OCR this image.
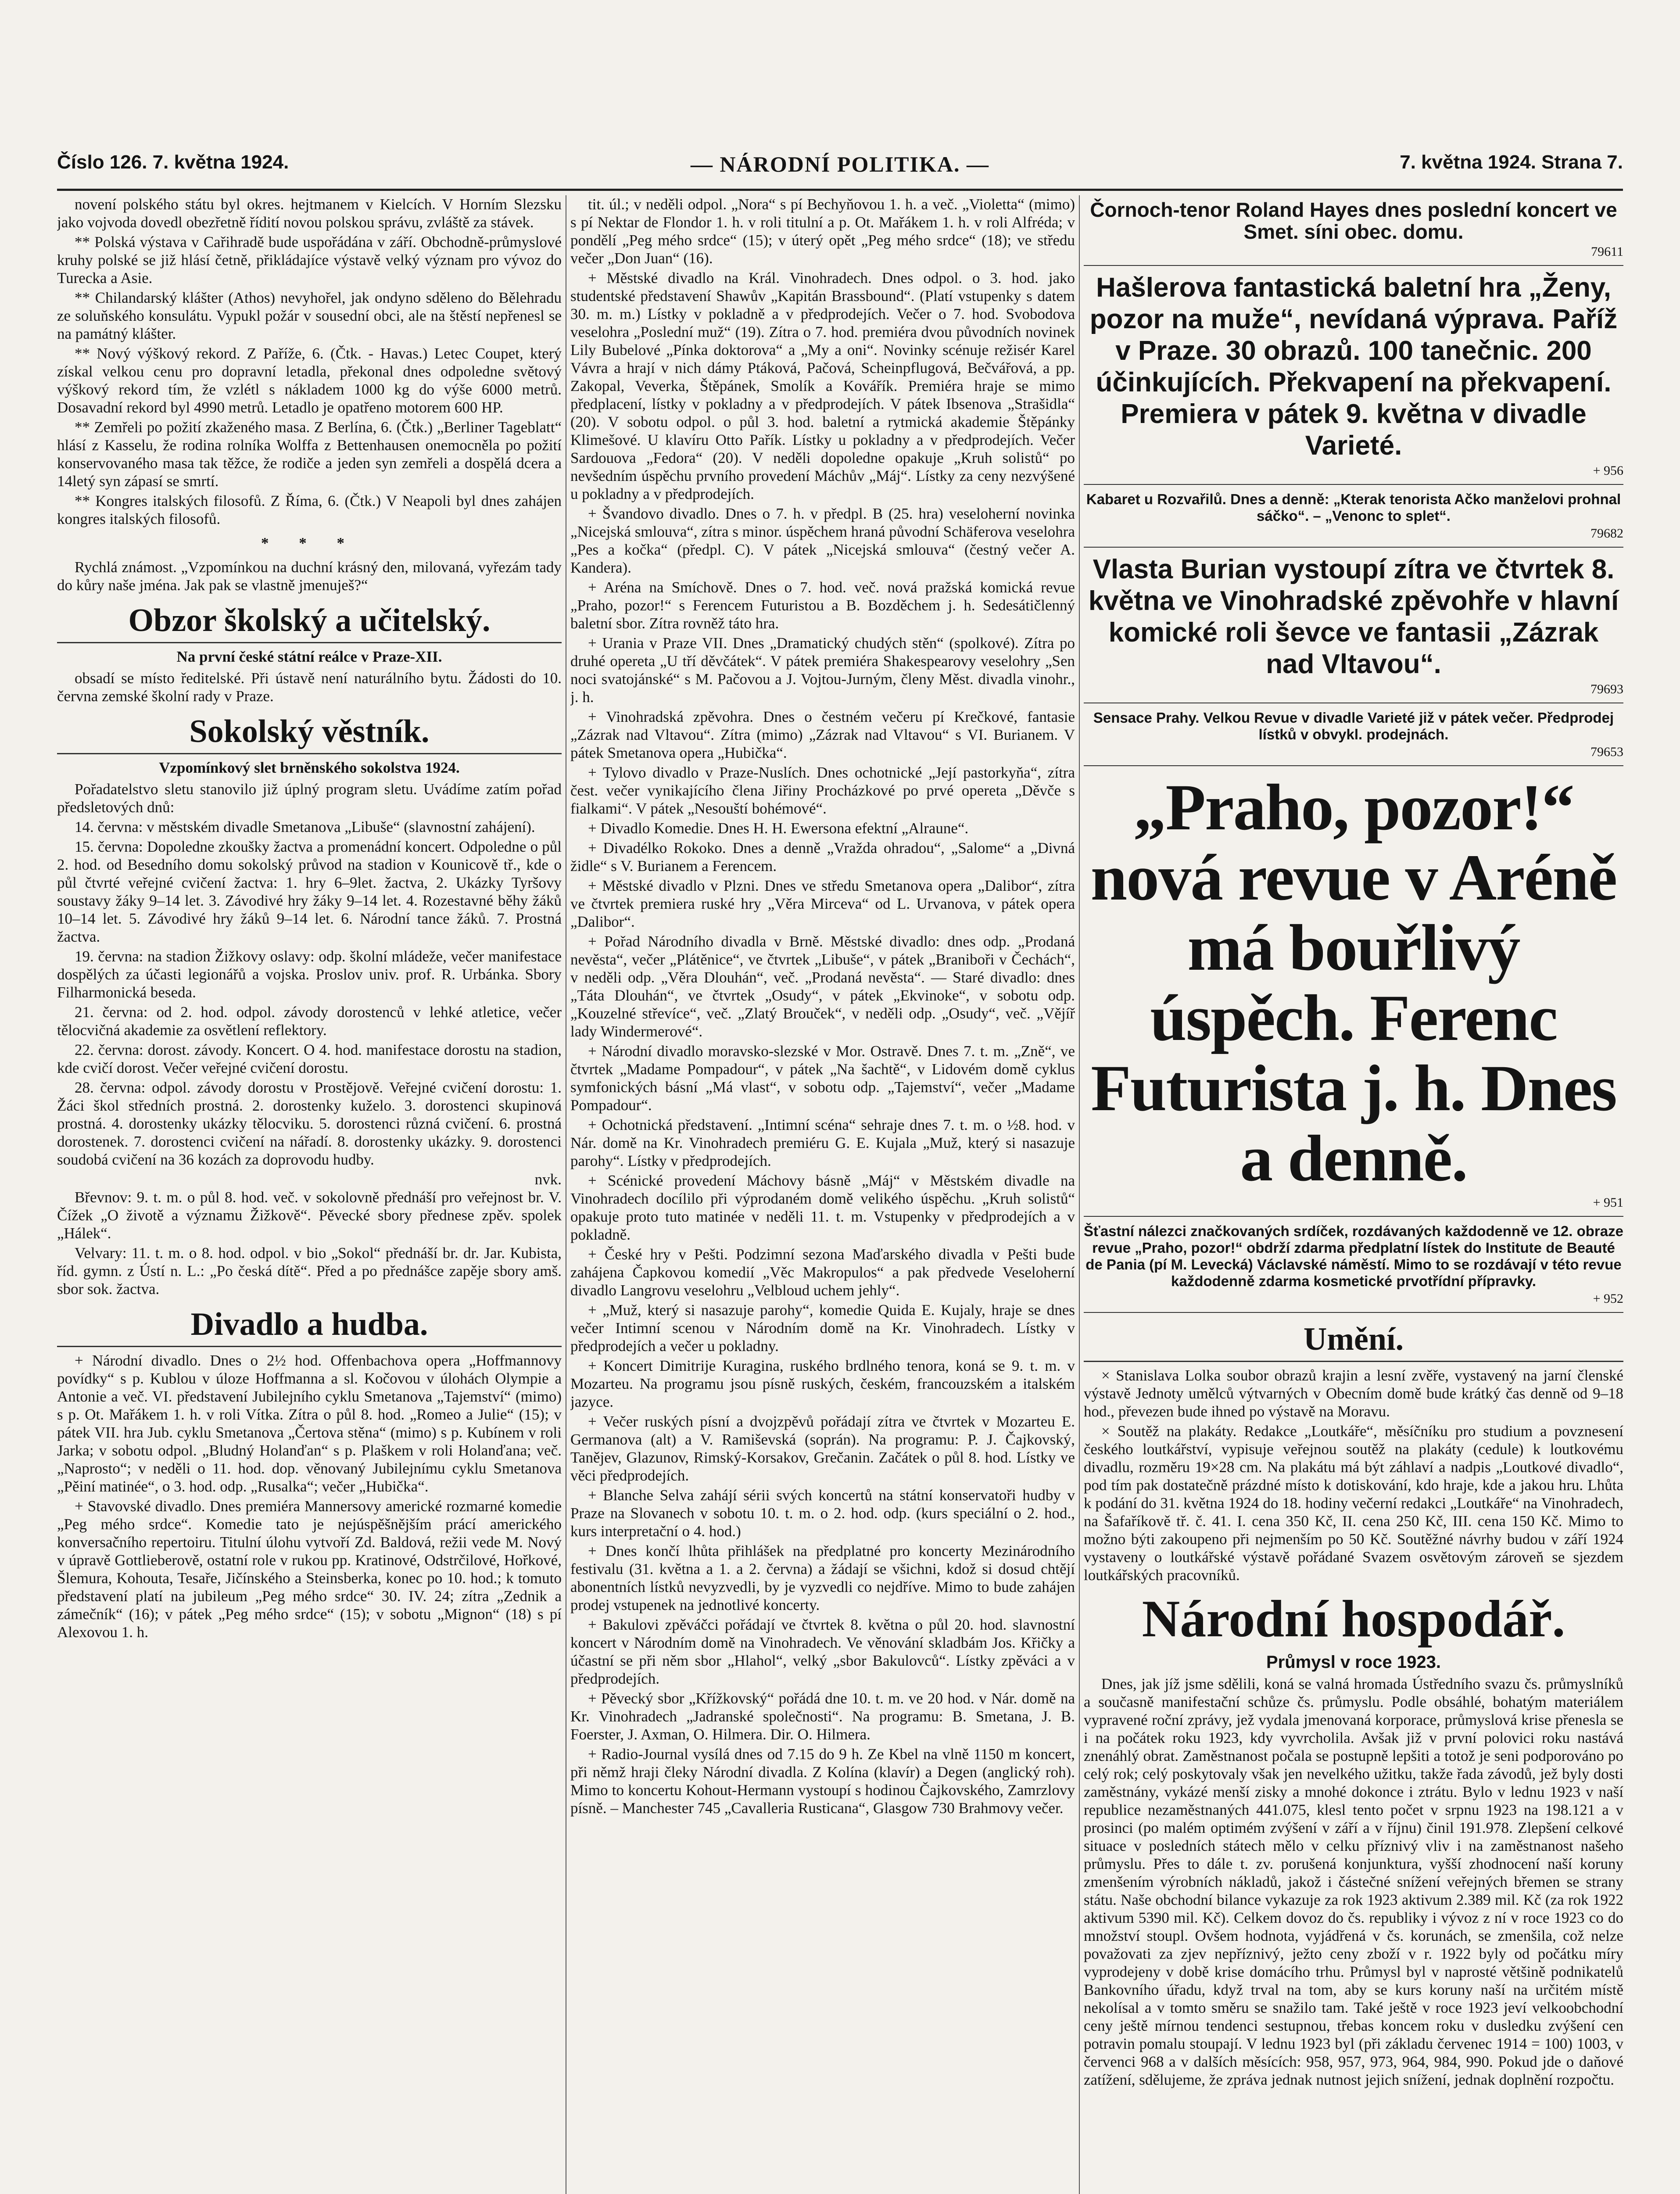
Číslo 126. 7. května 1924.	— NÁRODNÍ POLITIKA. —	7. května 1924. Strana 7.

novení polského státu byl okres. hejtmanem v Kielcích. V Horním Slezsku jako vojvoda dovedl obezřetně řídití novou polskou správu, zvláště za stávek.

** Polská výstava v Cařihradě bude uspořádána v září. Obchodně-průmyslové kruhy polské se již hlásí četně, přikládajíce výstavě velký význam pro vývoz do Turecka a Asie.

** Chilandarský klášter (Athos) nevyhořel, jak ondyno sděleno do Bělehradu ze soluňského konsulátu. Vypukl požár v sousední obci, ale na štěstí nepřenesl se na památný klášter.

** Nový výškový rekord. Z Paříže, 6. (Čtk. - Havas.) Letec Coupet, který získal velkou cenu pro dopravní letadla, překonal dnes odpoledne světový výškový rekord tím, že vzlétl s nákladem 1000 kg do výše 6000 metrů. Dosavadní rekord byl 4990 metrů. Letadlo je opatřeno motorem 600 HP.

** Zemřeli po požití zkaženého masa. Z Berlína, 6. (Čtk.) „Berliner Tageblatt“ hlásí z Kasselu, že rodina rolníka Wolffa z Bettenhausen onemocněla po požití konservovaného masa tak těžce, že rodiče a jeden syn zemřeli a dospělá dcera a 14letý syn zápasí se smrtí.

** Kongres italských filosofů. Z Říma, 6. (Čtk.) V Neapoli byl dnes zahájen kongres italských filosofů.

* * *

Rychlá známost. „Vzpomínkou na duchní krásný den, milovaná, vyřezám tady do kůry naše jména. Jak pak se vlastně jmenuješ?“

Obzor školský a učitelský.
Na první české státní reálce v Praze-XII.

obsadí se místo ředitelské. Při ústavě není naturálního bytu. Žádosti do 10. června zemské školní rady v Praze.

Sokolský věstník.
Vzpomínkový slet brněnského sokolstva 1924.

Pořadatelstvo sletu stanovilo již úplný program sletu. Uvádíme zatím pořad předsletových dnů:

14. června: v městském divadle Smetanova „Libuše“ (slavnostní zahájení).

15. června: Dopoledne zkoušky žactva a promenádní koncert. Odpoledne o půl 2. hod. od Besedního domu sokolský průvod na stadion v Kounicově tř., kde o půl čtvrté veřejné cvičení žactva: 1. hry 6–9let. žactva, 2. Ukázky Tyršovy soustavy žáky 9–14 let. 3. Závodivé hry žáky 9–14 let. 4. Rozestavné běhy žáků 10–14 let. 5. Závodivé hry žáků 9–14 let. 6. Národní tance žáků. 7. Prostná žactva.

19. června: na stadion Žižkovy oslavy: odp. školní mládeže, večer manifestace dospělých za účasti legionářů a vojska. Proslov univ. prof. R. Urbánka. Sbory Filharmonická beseda.

21. června: od 2. hod. odpol. závody dorostenců v lehké atletice, večer tělocvičná akademie za osvětlení reflektory.

22. června: dorost. závody. Koncert. O 4. hod. manifestace dorostu na stadion, kde cvičí dorost. Večer veřejné cvičení dorostu.

28. června: odpol. závody dorostu v Prostějově. Veřejné cvičení dorostu: 1. Žáci škol středních prostná. 2. dorostenky kuželo. 3. dorostenci skupinová prostná. 4. dorostenky ukázky tělocviku. 5. dorostenci různá cvičení. 6. prostná dorostenek. 7. dorostenci cvičení na nářadí. 8. dorostenky ukázky. 9. dorostenci soudobá cvičení na 36 kozách za doprovodu hudby.

nvk.

Břevnov: 9. t. m. o půl 8. hod. več. v sokolovně přednáší pro veřejnost br. V. Čížek „O životě a významu Žižkově“. Pěvecké sbory přednese zpěv. spolek „Hálek“.

Velvary: 11. t. m. o 8. hod. odpol. v bio „Sokol“ přednáší br. dr. Jar. Kubista, říd. gymn. z Ústí n. L.: „Po česká dítě“. Před a po přednášce zapěje sbory amš. sbor sok. žactva.

Divadlo a hudba.

+ Národní divadlo. Dnes o 2½ hod. Offenbachova opera „Hoffmannovy povídky“ s p. Kublou v úloze Hoffmanna a sl. Kočovou v úlohách Olympie a Antonie a več. VI. představení Jubilejního cyklu Smetanova „Tajemství“ (mimo) s p. Ot. Mařákem 1. h. v roli Vítka. Zítra o půl 8. hod. „Romeo a Julie“ (15); v pátek VII. hra Jub. cyklu Smetanova „Čertova stěna“ (mimo) s p. Kubínem v roli Jarka; v sobotu odpol. „Bludný Holanďan“ s p. Plaškem v roli Holanďana; več. „Naprosto“; v neděli o 11. hod. dop. věnovaný Jubilejnímu cyklu Smetanova „Pěiní matinée“, o 3. hod. odp. „Rusalka“; večer „Hubička“.

+ Stavovské divadlo. Dnes premiéra Mannersovy americké rozmarné komedie „Peg mého srdce“. Komedie tato je nejúspěšnějším prácí amerického konversačního repertoiru. Titulní úlohu vytvoří Zd. Baldová, režii vede M. Nový v úpravě Gottlieberově, ostatní role v rukou pp. Kratinové, Odstrčilové, Hořkové, Šlemura, Kohouta, Tesaře, Jičínského a Steinsberka, konec po 10. hod.; k tomuto představení platí na jubileum „Peg mého srdce“ 30. IV. 24; zítra „Zednik a zámečník“ (16); v pátek „Peg mého srdce“ (15); v sobotu „Mignon“ (18) s pí Alexovou 1. h.

tit. úl.; v neděli odpol. „Nora“ s pí Bechyňovou 1. h. a več. „Violetta“ (mimo) s pí Nektar de Flondor 1. h. v roli titulní a p. Ot. Mařákem 1. h. v roli Alfréda; v pondělí „Peg mého srdce“ (15); v úterý opět „Peg mého srdce“ (18); ve středu večer „Don Juan“ (16).

+ Městské divadlo na Král. Vinohradech. Dnes odpol. o 3. hod. jako studentské představení Shawův „Kapitán Brassbound“. (Platí vstupenky s datem 30. m. m.) Lístky v pokladně a v předprodejích. Večer o 7. hod. Svobodova veselohra „Poslední muž“ (19). Zítra o 7. hod. premiéra dvou původních novinek Lily Bubelové „Pínka doktorova“ a „My a oni“. Novinky scénuje režisér Karel Vávra a hrají v nich dámy Ptáková, Pačová, Scheinpflugová, Bečvářová, a pp. Zakopal, Veverka, Štěpánek, Smolík a Kovářík. Premiéra hraje se mimo předplacení, lístky v pokladny a v předprodejích. V pátek Ibsenova „Strašidla“ (20). V sobotu odpol. o půl 3. hod. baletní a rytmická akademie Štěpánky Klimešové. U klavíru Otto Pařík. Lístky u pokladny a v předprodejích. Večer Sardouova „Fedora“ (20). V neděli dopoledne opakuje „Kruh solistů“ po nevšedním úspěchu prvního provedení Máchův „Máj“. Lístky za ceny nezvýšené u pokladny a v předprodejích.

+ Švandovo divadlo. Dnes o 7. h. v předpl. B (25. hra) veseloherní novinka „Nicejská smlouva“, zítra s minor. úspěchem hraná původní Schäferova veselohra „Pes a kočka“ (předpl. C). V pátek „Nicejská smlouva“ (čestný večer A. Kandera).

+ Aréna na Smíchově. Dnes o 7. hod. več. nová pražská komická revue „Praho, pozor!“ s Ferencem Futuristou a B. Bozděchem j. h. Sedesátičlenný baletní sbor. Zítra rovněž táto hra.

+ Urania v Praze VII. Dnes „Dramatický chudých stěn“ (spolkové). Zítra po druhé opereta „U tří děvčátek“. V pátek premiéra Shakespearovy veselohry „Sen noci svatojánské“ s M. Pačovou a J. Vojtou-Jurným, členy Měst. divadla vinohr., j. h.

+ Vinohradská zpěvohra. Dnes o čestném večeru pí Krečkové, fantasie „Zázrak nad Vltavou“. Zítra (mimo) „Zázrak nad Vltavou“ s VI. Burianem. V pátek Smetanova opera „Hubička“.

+ Tylovo divadlo v Praze-Nuslích. Dnes ochotnické „Její pastorkyňa“, zítra čest. večer vynikajícího člena Jiřiny Procházkové po prvé opereta „Děvče s fialkami“. V pátek „Nesouští bohémové“.

+ Divadlo Komedie. Dnes H. H. Ewersona efektní „Alraune“.

+ Divadélko Rokoko. Dnes a denně „Vražda ohradou“, „Salome“ a „Divná židle“ s V. Burianem a Ferencem.

+ Městské divadlo v Plzni. Dnes ve středu Smetanova opera „Dalibor“, zítra ve čtvrtek premiera ruské hry „Věra Mirceva“ od L. Urvanova, v pátek opera „Dalibor“.

+ Pořad Národního divadla v Brně. Městské divadlo: dnes odp. „Prodaná nevěsta“, večer „Plátěnice“, ve čtvrtek „Libuše“, v pátek „Braniboři v Čechách“, v neděli odp. „Věra Dlouhán“, več. „Prodaná nevěsta“. — Staré divadlo: dnes „Táta Dlouhán“, ve čtvrtek „Osudy“, v pátek „Ekvinoke“, v sobotu odp. „Kouzelné střevíce“, več. „Zlatý Brouček“, v neděli odp. „Osudy“, več. „Vějíř lady Windermerové“.

+ Národní divadlo moravsko-slezské v Mor. Ostravě. Dnes 7. t. m. „Zně“, ve čtvrtek „Madame Pompadour“, v pátek „Na šachtě“, v Lidovém domě cyklus symfonických básní „Má vlast“, v sobotu odp. „Tajemství“, večer „Madame Pompadour“.

+ Ochotnická představení. „Intimní scéna“ sehraje dnes 7. t. m. o ½8. hod. v Nár. domě na Kr. Vinohradech premiéru G. E. Kujala „Muž, který si nasazuje parohy“. Lístky v předprodejích.

+ Scénické provedení Máchovy básně „Máj“ v Městském divadle na Vinohradech docílilo při výprodaném domě velikého úspěchu. „Kruh solistů“ opakuje proto tuto matinée v neděli 11. t. m. Vstupenky v předprodejích a v pokladně.

+ České hry v Pešti. Podzimní sezona Maďarského divadla v Pešti bude zahájena Čapkovou komedií „Věc Makropulos“ a pak předvede Veseloherní divadlo Langrovu veselohru „Velbloud uchem jehly“.

+ „Muž, který si nasazuje parohy“, komedie Quida E. Kujaly, hraje se dnes večer Intimní scenou v Národním domě na Kr. Vinohradech. Lístky v předprodejích a večer u pokladny.

+ Koncert Dimitrije Kuragina, ruského brdlného tenora, koná se 9. t. m. v Mozarteu. Na programu jsou písně ruských, českém, francouzském a italském jazyce.

+ Večer ruských písní a dvojzpěvů pořádají zítra ve čtvrtek v Mozarteu E. Germanova (alt) a V. Ramiševská (soprán). Na programu: P. J. Čajkovský, Tanějev, Glazunov, Rimský-Korsakov, Grečanin. Začátek o půl 8. hod. Lístky ve věci předprodejích.

+ Blanche Selva zahájí sérii svých koncertů na státní konservatoři hudby v Praze na Slovanech v sobotu 10. t. m. o 2. hod. odp. (kurs speciální o 2. hod., kurs interpretační o 4. hod.)

+ Dnes končí lhůta přihlášek na předplatné pro koncerty Mezinárodního festivalu (31. května a 1. a 2. června) a žádají se všichni, kdož si dosud chtějí abonentních lístků nevyzvedli, by je vyzvedli co nejdříve. Mimo to bude zahájen prodej vstupenek na jednotlivé koncerty.

+ Bakulovi zpěváčci pořádají ve čtvrtek 8. května o půl 20. hod. slavnostní koncert v Národním domě na Vinohradech. Ve věnování skladbám Jos. Křičky a účastní se při něm sbor „Hlahol“, velký „sbor Bakulovců“. Lístky zpěváci a v předprodejích.

+ Pěvecký sbor „Křížkovský“ pořádá dne 10. t. m. ve 20 hod. v Nár. domě na Kr. Vinohradech „Jadranské společnosti“. Na programu: B. Smetana, J. B. Foerster, J. Axman, O. Hilmera. Dir. O. Hilmera.

+ Radio-Journal vysílá dnes od 7.15 do 9 h. Ze Kbel na vlně 1150 m koncert, při němž hraji čleky Národní divadla. Z Kolína (klavír) a Degen (anglický roh). Mimo to koncertu Kohout-Hermann vystoupí s hodinou Čajkovského, Zamrzlovy písně. – Manchester 745 „Cavalleria Rusticana“, Glasgow 730 Brahmovy večer.

Čornoch-tenor Roland Hayes dnes poslední koncert ve Smet. síni obec. domu.
79611
Hašlerova fantastická baletní hra „Ženy, pozor na muže“, nevídaná výprava. Paříž v Praze. 30 obrazů. 100 tanečnic. 200 účinkujících. Překvapení na překvapení. Premiera v pátek 9. května v divadle Varieté.
+ 956
Kabaret u Rozvařilů. Dnes a denně: „Kterak tenorista Ačko manželovi prohnal sáčko“. – „Venonc to splet“.
79682
Vlasta Burian vystoupí zítra ve čtvrtek 8. května ve Vinohradské zpěvohře v hlavní komické roli ševce ve fantasii „Zázrak nad Vltavou“.
79693
Sensace Prahy. Velkou Revue v divadle Varieté již v pátek večer. Předprodej lístků v obvykl. prodejnách.
79653
„Praho, pozor!“ nová revue v Aréně má bouřlivý úspěch. Ferenc Futurista j. h. Dnes a denně.
+ 951
Šťastní nálezci značkovaných srdíček, rozdávaných každodenně ve 12. obraze revue „Praho, pozor!“ obdrží zdarma předplatní lístek do Institute de Beauté de Pania (pí M. Levecká) Václavské náměstí. Mimo to se rozdávají v této revue každodenně zdarma kosmetické prvotřídní přípravky.
+ 952
Umění.

× Stanislava Lolka soubor obrazů krajin a lesní zvěře, vystavený na jarní členské výstavě Jednoty umělců výtvarných v Obecním domě bude krátký čas denně od 9–18 hod., převezen bude ihned po výstavě na Moravu.

× Soutěž na plakáty. Redakce „Loutkáře“, měsíčníku pro studium a povznesení českého loutkářství, vypisuje veřejnou soutěž na plakáty (cedule) k loutkovému divadlu, rozměru 19×28 cm. Na plakátu má být záhlaví a nadpis „Loutkové divadlo“, pod tím pak dostatečně prázdné místo k dotiskování, kdo hraje, kde a jakou hru. Lhůta k podání do 31. května 1924 do 18. hodiny večerní redakci „Loutkáře“ na Vinohradech, na Šafaříkově tř. č. 41. I. cena 350 Kč, II. cena 250 Kč, III. cena 150 Kč. Mimo to možno býti zakoupeno při nejmenším po 50 Kč. Soutěžné návrhy budou v září 1924 vystaveny o loutkářské výstavě pořádané Svazem osvětovým zároveň se sjezdem loutkářských pracovníků.

Národní hospodář.
Průmysl v roce 1923.

Dnes, jak jíž jsme sdělili, koná se valná hromada Ústředního svazu čs. průmyslníků a současně manifestační schůze čs. průmyslu. Podle obsáhlé, bohatým materiálem vypravené roční zprávy, jež vydala jmenovaná korporace, průmyslová krise přenesla se i na počátek roku 1923, kdy vyvrcholila. Avšak již v první polovici roku nastává znenáhlý obrat. Zaměstnanost počala se postupně lepšiti a totož je seni podporováno po celý rok; celý poskytovaly však jen nevelkého užitku, takže řada závodů, jež byly dosti zaměstnány, vykázé menší zisky a mnohé dokonce i ztrátu. Bylo v lednu 1923 v naší republice nezaměstnaných 441.075, klesl tento počet v srpnu 1923 na 198.121 a v prosinci (po malém optimém zvýšení v září a v říjnu) činil 191.978. Zlepšení celkové situace v posledních státech mělo v celku příznivý vliv i na zaměstnanost našeho průmyslu. Přes to dále t. zv. porušená konjunktura, vyšší zhodnocení naší koruny zmenšením výrobních nákladů, jakož i částečné snížení veřejných břemen se strany státu. Naše obchodní bilance vykazuje za rok 1923 aktivum 2.389 mil. Kč (za rok 1922 aktivum 5390 mil. Kč). Celkem dovoz do čs. republiky i vývoz z ní v roce 1923 co do množství stoupl. Ovšem hodnota, vyjádřená v čs. korunách, se zmenšila, což nelze považovati za zjev nepříznivý, ježto ceny zboží v r. 1922 byly od počátku míry vyprodejeny v době krise domácího trhu. Průmysl byl v naprosté většině podnikatelů Bankovního úřadu, když trval na tom, aby se kurs koruny naší na určitém místě nekolísal a v tomto směru se snažilo tam. Také ještě v roce 1923 jeví velkoobchodní ceny ještě mírnou tendenci sestupnou, třebas koncem roku v dusledku zvýšení cen potravin pomalu stoupají. V lednu 1923 byl (při základu červenec 1914 = 100) 1003, v červenci 968 a v dalších měsících: 958, 957, 973, 964, 984, 990. Pokud jde o daňové zatížení, sdělujeme, že zpráva jednak nutnost jejich snížení, jednak doplnění rozpočtu.
